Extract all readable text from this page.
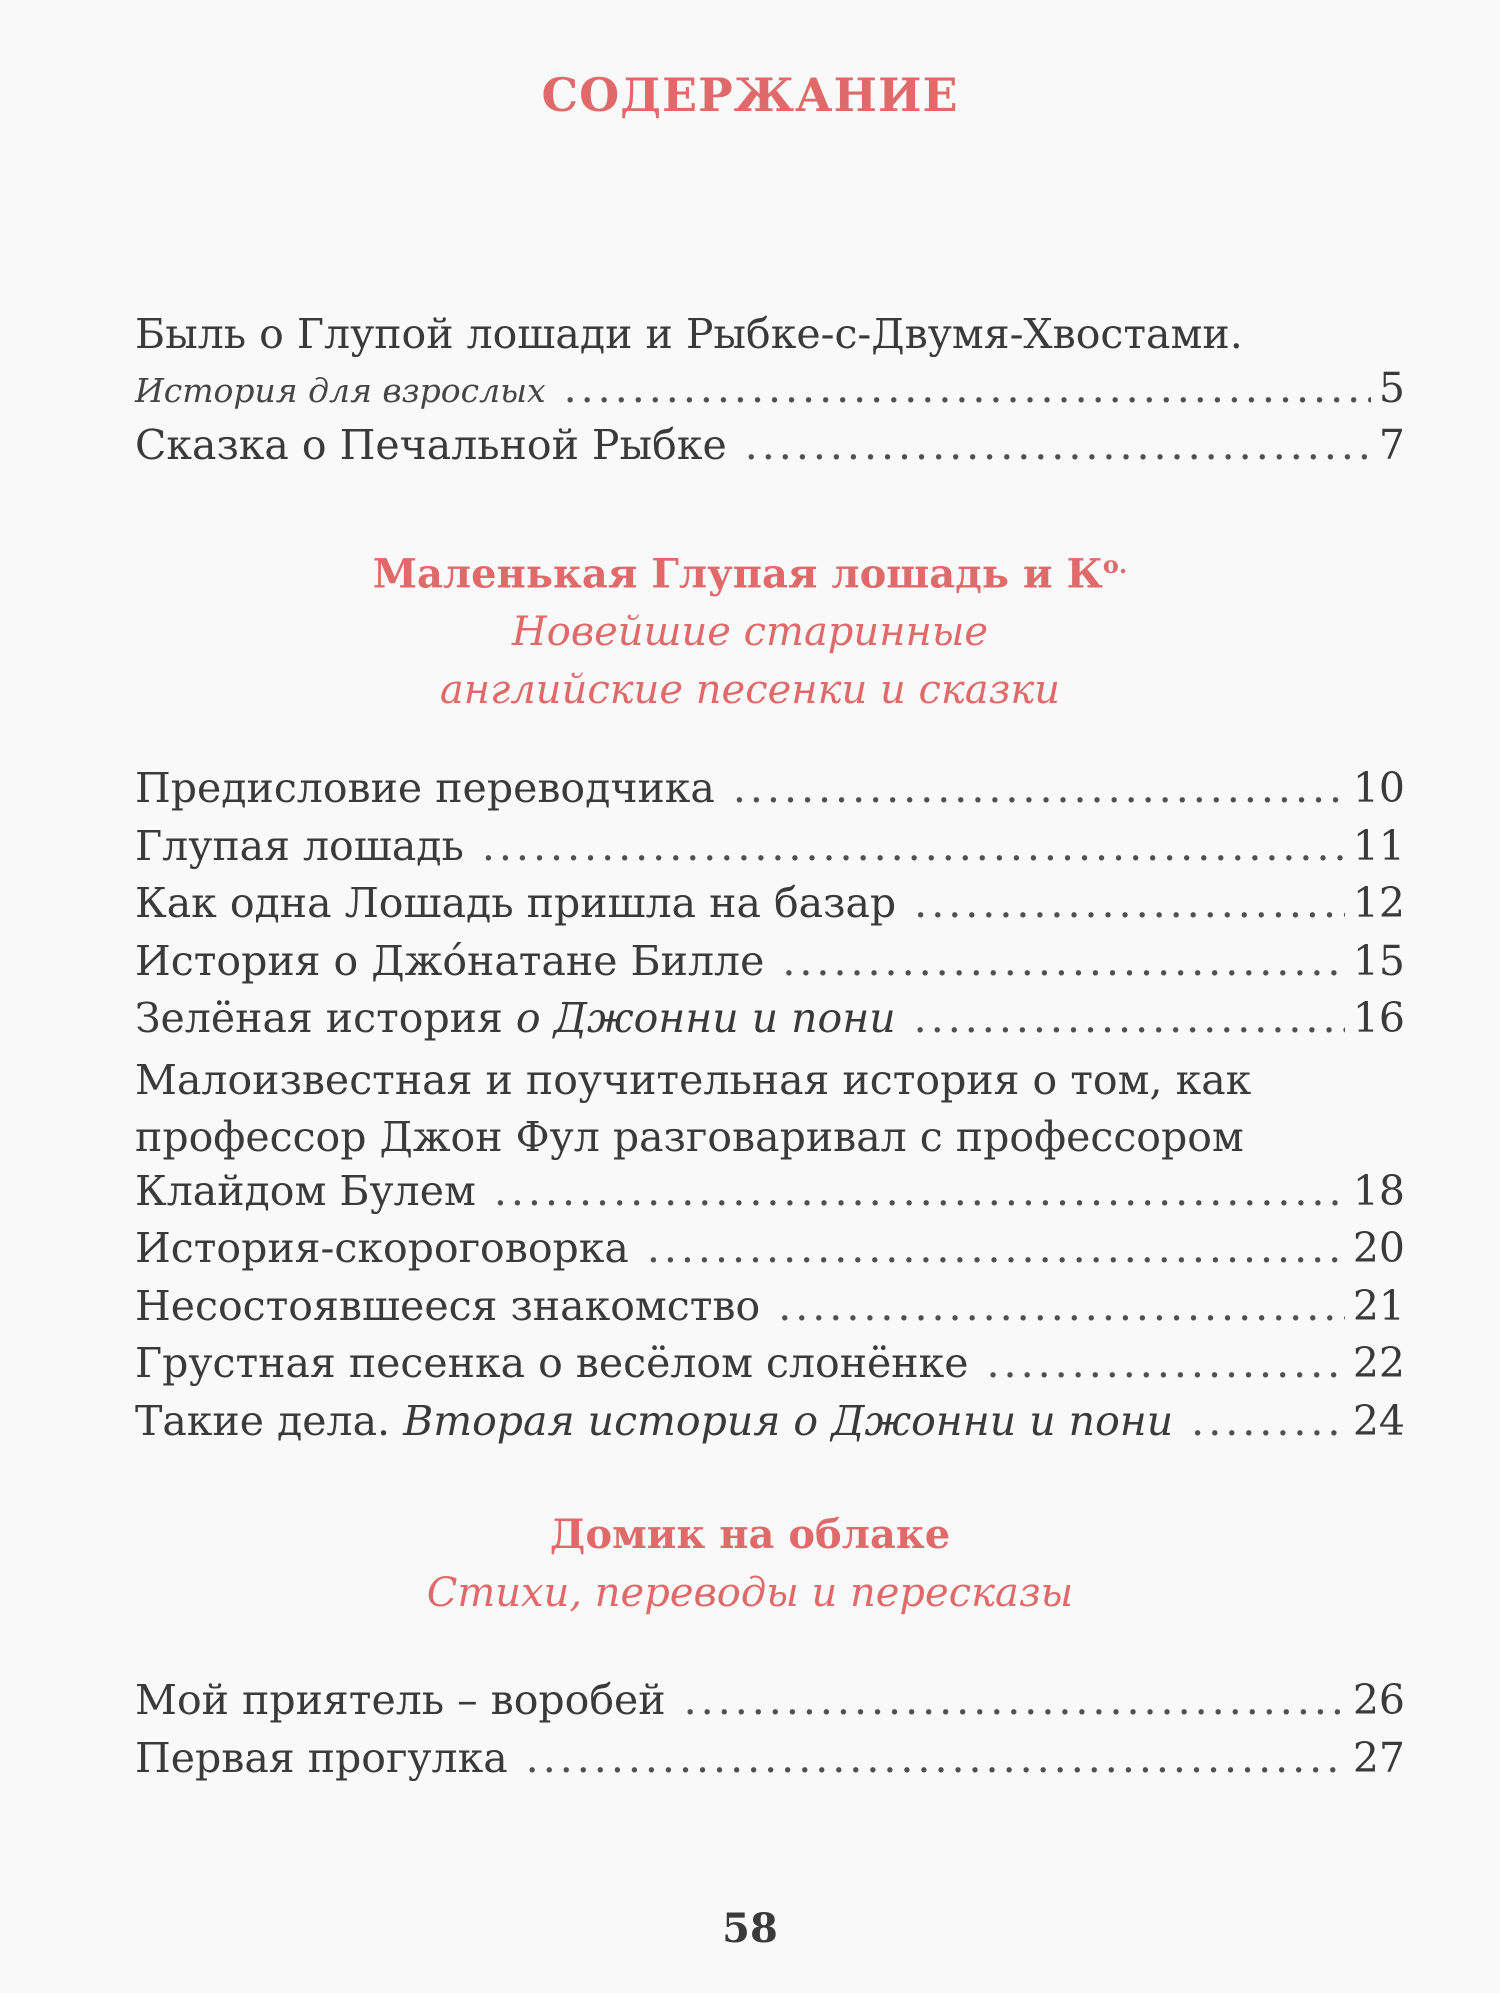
СОДЕРЖАНИЕ
Быль о Глупой лошади и Рыбке-с-Двумя-Хвостами.
История для взрослых .....	5
Сказка о Печальной Рыбке .....	7
Маленькая Глупая лошадь и $К^{о.}$
Новейшие старинные
английские песенки и сказки
Предисловие переводчика .....	10
Глупая лошадь .....	11
Как одна Лошадь пришла на базар .....	12
История о Джóнатане Билле .....	15
Зелёная история о Джонни и пони .....	16
Малоизвестная и поучительная история о том, как
профессор Джон Фул разговаривал с профессором
Клайдом Булем .....	18
История-скороговорка .....	20
Несостоявшееся знакомство .....	21
Грустная песенка о весёлом слонёнке .....	22
Такие дела. Вторая история о Джонни и пони .....	24
Домик на облаке
Стихи, переводы и пересказы
Мой приятель – воробей .....	26
Первая прогулка .....	27
58
